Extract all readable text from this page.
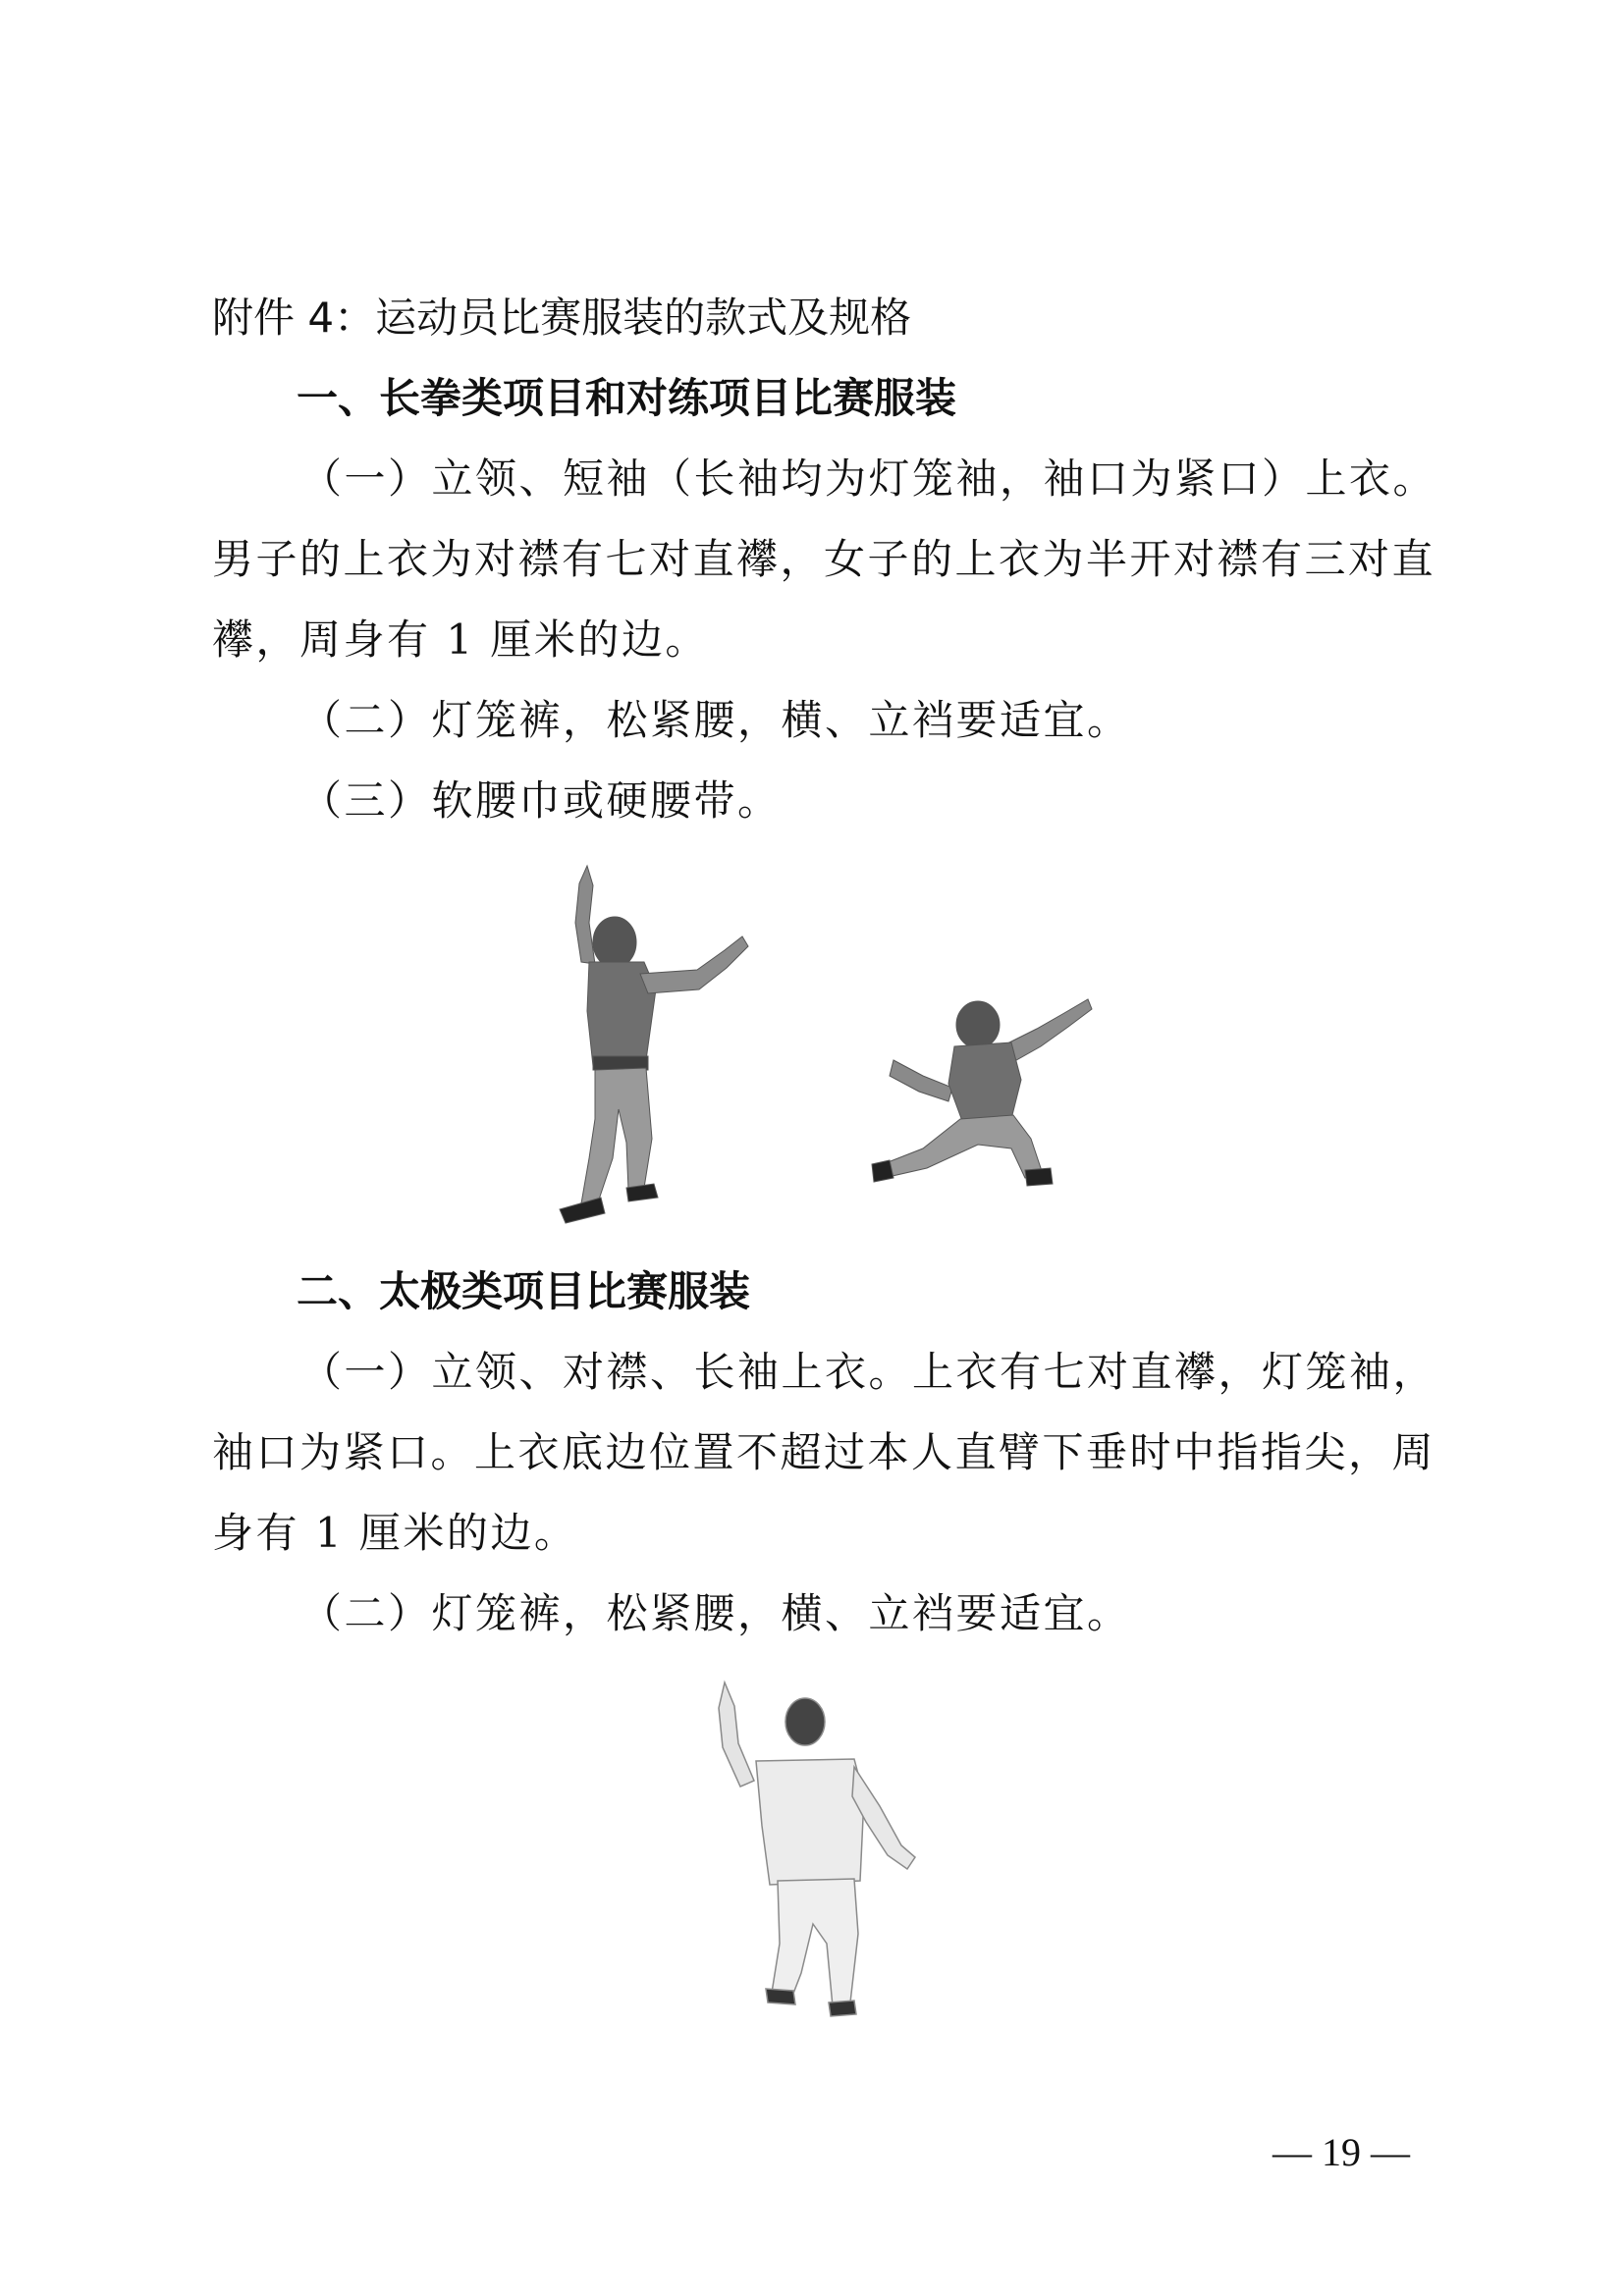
附件 4：运动员比赛服装的款式及规格
一、长拳类项目和对练项目比赛服装
（一）立领、短袖（长袖均为灯笼袖，袖口为紧口）上衣。
男子的上衣为对襟有七对直襻，女子的上衣为半开对襟有三对直
襻，周身有 1 厘米的边。
（二）灯笼裤，松紧腰，横、立裆要适宜。
（三）软腰巾或硬腰带。
二、太极类项目比赛服装
（一）立领、对襟、长袖上衣。上衣有七对直襻，灯笼袖，
袖口为紧口。上衣底边位置不超过本人直臂下垂时中指指尖，周
身有 1 厘米的边。
（二）灯笼裤，松紧腰，横、立裆要适宜。
— 19 —
